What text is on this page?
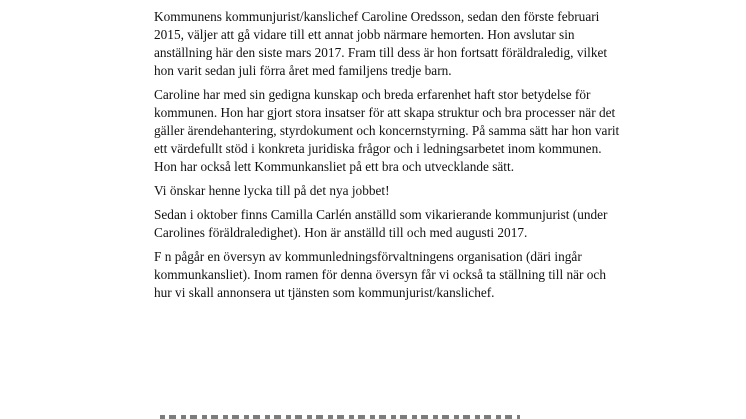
Kommunens kommunjurist/kanslichef Caroline Oredsson, sedan den förste februari 2015, väljer att gå vidare till ett annat jobb närmare hemorten. Hon avslutar sin anställning här den siste mars 2017. Fram till dess är hon fortsatt föräldraledig, vilket hon varit sedan juli förra året med familjens tredje barn.

Caroline har med sin gedigna kunskap och breda erfarenhet haft stor betydelse för kommunen. Hon har gjort stora insatser för att skapa struktur och bra processer när det gäller ärendehantering, styrdokument och koncernstyrning. På samma sätt har hon varit ett värdefullt stöd i konkreta juridiska frågor och i ledningsarbetet inom kommunen. Hon har också lett Kommunkansliet på ett bra och utvecklande sätt.

Vi önskar henne lycka till på det nya jobbet!

Sedan i oktober finns Camilla Carlén anställd som vikarierande kommunjurist (under Carolines föräldraledighet). Hon är anställd till och med augusti 2017.

F n pågår en översyn av kommunledningsförvaltningens organisation (däri ingår kommunkansliet). Inom ramen för denna översyn får vi också ta ställning till när och hur vi skall annonsera ut tjänsten som kommunjurist/kanslichef.
